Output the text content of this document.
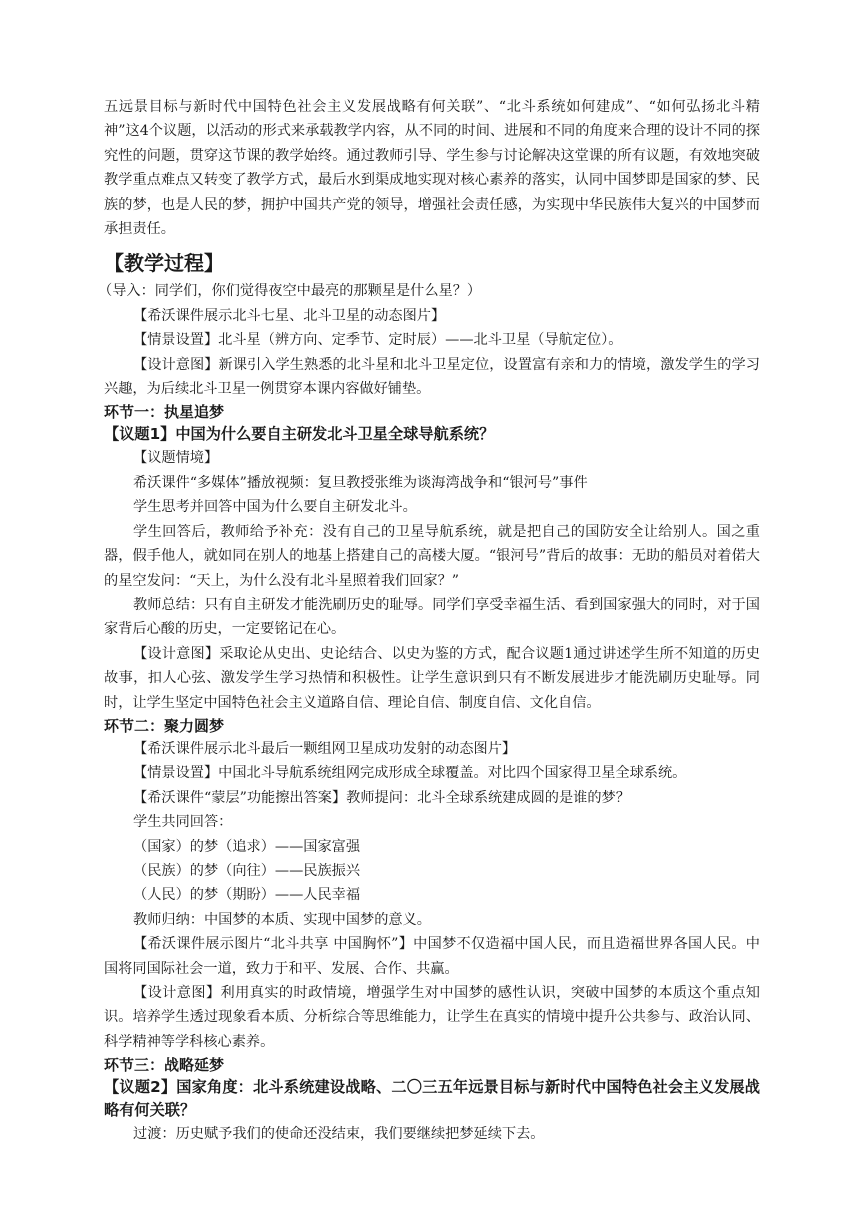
五远景目标与新时代中国特色社会主义发展战略有何关联”、“北斗系统如何建成”、“如何弘扬北斗精神”这4个议题，以活动的形式来承载教学内容，从不同的时间、进展和不同的角度来合理的设计不同的探究性的问题，贯穿这节课的教学始终。通过教师引导、学生参与讨论解决这堂课的所有议题，有效地突破教学重点难点又转变了教学方式，最后水到渠成地实现对核心素养的落实，认同中国梦即是国家的梦、民族的梦，也是人民的梦，拥护中国共产党的领导，增强社会责任感，为实现中华民族伟大复兴的中国梦而承担责任。

【教学过程】

（导入：同学们，你们觉得夜空中最亮的那颗星是什么星？）

【希沃课件展示北斗七星、北斗卫星的动态图片】

【情景设置】北斗星（辨方向、定季节、定时辰）——北斗卫星（导航定位）。

【设计意图】新课引入学生熟悉的北斗星和北斗卫星定位，设置富有亲和力的情境，激发学生的学习兴趣，为后续北斗卫星一例贯穿本课内容做好铺垫。

环节一：执星追梦
【议题1】中国为什么要自主研发北斗卫星全球导航系统？

【议题情境】

希沃课件“多媒体”播放视频：复旦教授张维为谈海湾战争和“银河号”事件

学生思考并回答中国为什么要自主研发北斗。

学生回答后，教师给予补充：没有自己的卫星导航系统，就是把自己的国防安全让给别人。国之重器，假手他人，就如同在别人的地基上搭建自己的高楼大厦。“银河号”背后的故事：无助的船员对着偌大的星空发问：“天上，为什么没有北斗星照着我们回家？”

教师总结：只有自主研发才能洗刷历史的耻辱。同学们享受幸福生活、看到国家强大的同时，对于国家背后心酸的历史，一定要铭记在心。

【设计意图】采取论从史出、史论结合、以史为鉴的方式，配合议题1通过讲述学生所不知道的历史故事，扣人心弦、激发学生学习热情和积极性。让学生意识到只有不断发展进步才能洗刷历史耻辱。同时，让学生坚定中国特色社会主义道路自信、理论自信、制度自信、文化自信。

环节二：聚力圆梦

【希沃课件展示北斗最后一颗组网卫星成功发射的动态图片】

【情景设置】中国北斗导航系统组网完成形成全球覆盖。对比四个国家得卫星全球系统。

【希沃课件“蒙层”功能擦出答案】教师提问：北斗全球系统建成圆的是谁的梦？

学生共同回答：

（国家）的梦（追求）——国家富强

（民族）的梦（向往）——民族振兴

（人民）的梦（期盼）——人民幸福

教师归纳：中国梦的本质、实现中国梦的意义。

【希沃课件展示图片“北斗共享 中国胸怀”】中国梦不仅造福中国人民，而且造福世界各国人民。中国将同国际社会一道，致力于和平、发展、合作、共赢。

【设计意图】利用真实的时政情境，增强学生对中国梦的感性认识，突破中国梦的本质这个重点知识。培养学生透过现象看本质、分析综合等思维能力，让学生在真实的情境中提升公共参与、政治认同、科学精神等学科核心素养。

环节三：战略延梦
【议题2】国家角度：北斗系统建设战略、二〇三五年远景目标与新时代中国特色社会主义发展战略有何关联？

过渡：历史赋予我们的使命还没结束，我们要继续把梦延续下去。
